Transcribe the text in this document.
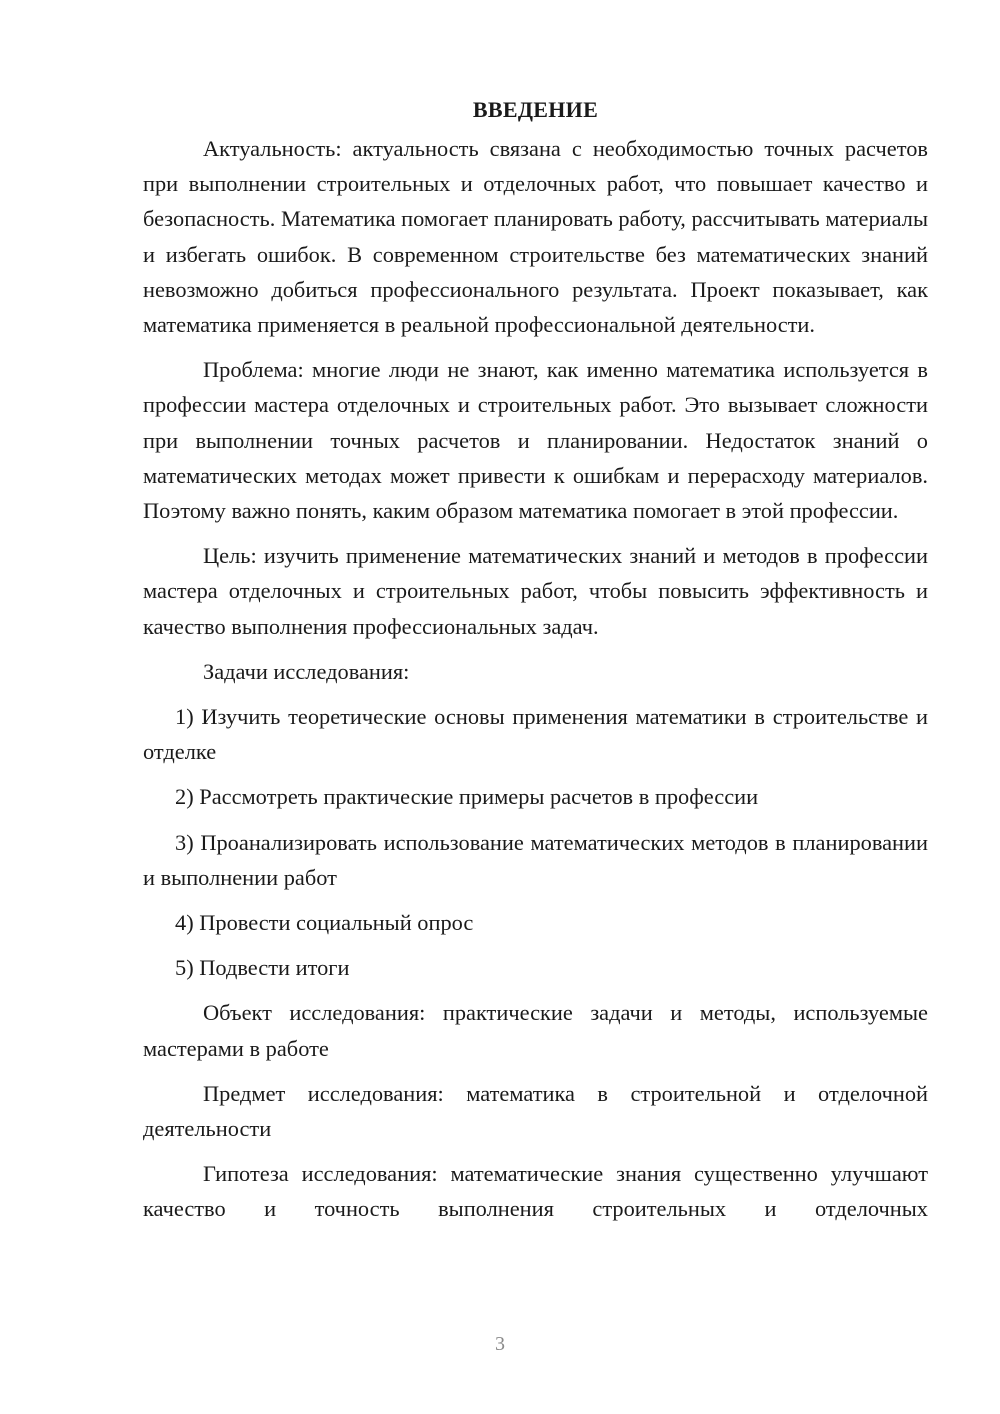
ВВЕДЕНИЕ

Актуальность: актуальность связана с необходимостью точных расчетов при выполнении строительных и отделочных работ, что повышает качество и безопасность. Математика помогает планировать работу, рассчитывать материалы и избегать ошибок. В современном строительстве без математических знаний невозможно добиться профессионального результата. Проект показывает, как математика применяется в реальной профессиональной деятельности.

Проблема: многие люди не знают, как именно математика используется в профессии мастера отделочных и строительных работ. Это вызывает сложности при выполнении точных расчетов и планировании. Недостаток знаний о математических методах может привести к ошибкам и перерасходу материалов. Поэтому важно понять, каким образом математика помогает в этой профессии.

Цель: изучить применение математических знаний и методов в профессии мастера отделочных и строительных работ, чтобы повысить эффективность и качество выполнения профессиональных задач.

Задачи исследования:

1) Изучить теоретические основы применения математики в строительстве и отделке

2) Рассмотреть практические примеры расчетов в профессии

3) Проанализировать использование математических методов в планировании и выполнении работ

4) Провести социальный опрос

5) Подвести итоги

Объект исследования: практические задачи и методы, используемые мастерами в работе

Предмет исследования: математика в строительной и отделочной деятельности

Гипотеза исследования: математические знания существенно улучшают качество и точность выполнения строительных и отделочных

3
